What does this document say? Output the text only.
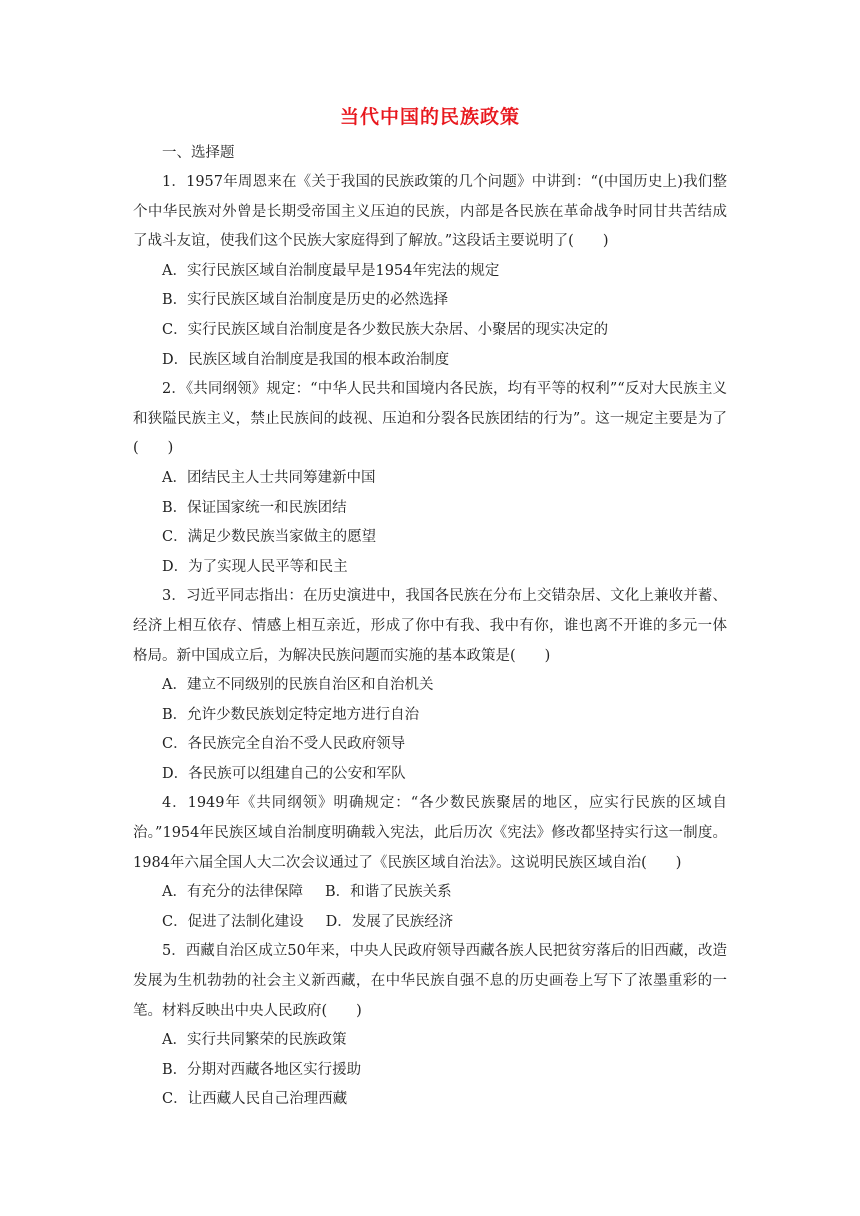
当代中国的民族政策
一、选择题

1．1957年周恩来在《关于我国的民族政策的几个问题》中讲到：“(中国历史上)我们整个中华民族对外曾是长期受帝国主义压迫的民族，内部是各民族在革命战争时同甘共苦结成了战斗友谊，使我们这个民族大家庭得到了解放。”这段话主要说明了(　　)

A．实行民族区域自治制度最早是1954年宪法的规定

B．实行民族区域自治制度是历史的必然选择

C．实行民族区域自治制度是各少数民族大杂居、小聚居的现实决定的

D．民族区域自治制度是我国的根本政治制度

2．《共同纲领》规定：“中华人民共和国境内各民族，均有平等的权利”“反对大民族主义和狭隘民族主义，禁止民族间的歧视、压迫和分裂各民族团结的行为”。这一规定主要是为了(　　)

A．团结民主人士共同筹建新中国

B．保证国家统一和民族团结

C．满足少数民族当家做主的愿望

D．为了实现人民平等和民主

3．习近平同志指出：在历史演进中，我国各民族在分布上交错杂居、文化上兼收并蓄、经济上相互依存、情感上相互亲近，形成了你中有我、我中有你，谁也离不开谁的多元一体格局。新中国成立后，为解决民族问题而实施的基本政策是(　　)

A．建立不同级别的民族自治区和自治机关

B．允许少数民族划定特定地方进行自治

C．各民族完全自治不受人民政府领导

D．各民族可以组建自己的公安和军队

4．1949年《共同纲领》明确规定：“各少数民族聚居的地区，应实行民族的区域自治。”1954年民族区域自治制度明确载入宪法，此后历次《宪法》修改都坚持实行这一制度。1984年六届全国人大二次会议通过了《民族区域自治法》。这说明民族区域自治(　　)

A．有充分的法律保障 B．和谐了民族关系

C．促进了法制化建设 D．发展了民族经济

5．西藏自治区成立50年来，中央人民政府领导西藏各族人民把贫穷落后的旧西藏，改造发展为生机勃勃的社会主义新西藏，在中华民族自强不息的历史画卷上写下了浓墨重彩的一笔。材料反映出中央人民政府(　　)

A．实行共同繁荣的民族政策

B．分期对西藏各地区实行援助

C．让西藏人民自己治理西藏
